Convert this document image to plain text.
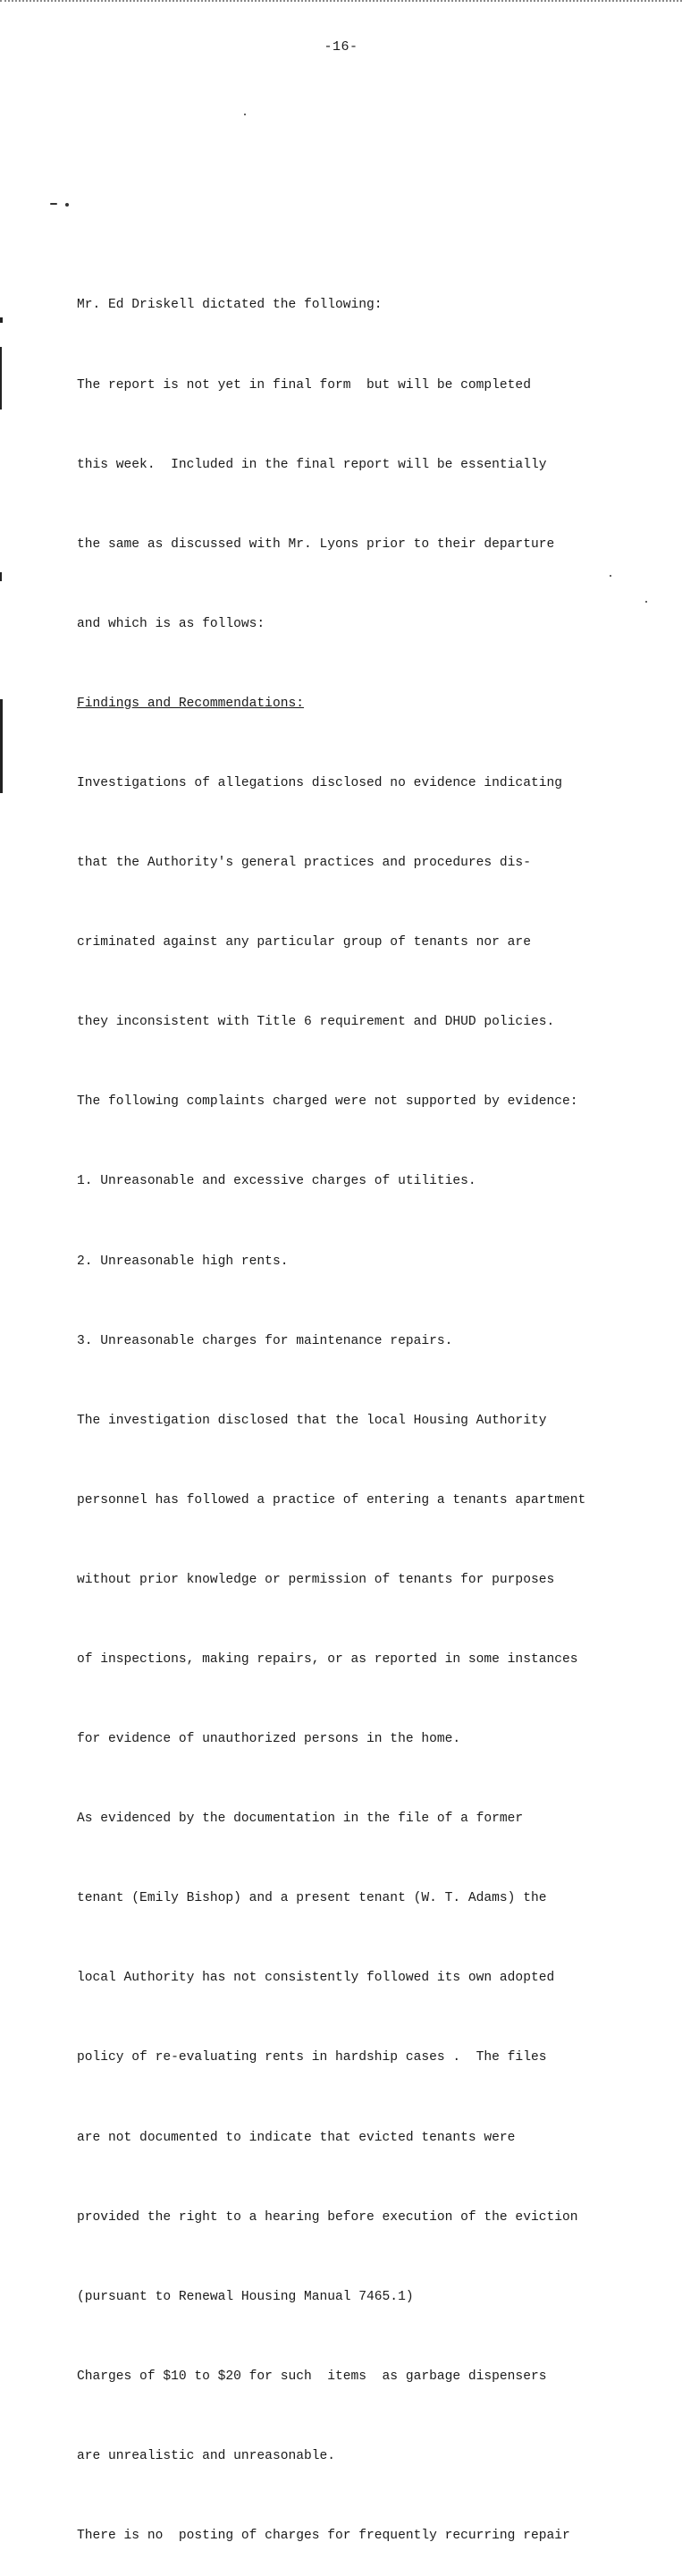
-16-

Mr. Ed Driskell dictated the following:

The report is not yet in final form  but will be completed

this week.  Included in the final report will be essentially

the same as discussed with Mr. Lyons prior to their departure

and which is as follows:

Findings and Recommendations:

Investigations of allegations disclosed no evidence indicating

that the Authority's general practices and procedures dis-

criminated against any particular group of tenants nor are

they inconsistent with Title 6 requirement and DHUD policies.

The following complaints charged were not supported by evidence:

1. Unreasonable and excessive charges of utilities.

2. Unreasonable high rents.

3. Unreasonable charges for maintenance repairs.

The investigation disclosed that the local Housing Authority

personnel has followed a practice of entering a tenants apartment

without prior knowledge or permission of tenants for purposes

of inspections, making repairs, or as reported in some instances

for evidence of unauthorized persons in the home.

As evidenced by the documentation in the file of a former

tenant (Emily Bishop) and a present tenant (W. T. Adams) the

local Authority has not consistently followed its own adopted

policy of re-evaluating rents in hardship cases .  The files

are not documented to indicate that evicted tenants were

provided the right to a hearing before execution of the eviction

(pursuant to Renewal Housing Manual 7465.1)

Charges of $10 to $20 for such  items  as garbage dispensers

are unrealistic and unreasonable.

There is no  posting of charges for frequently recurring repair
